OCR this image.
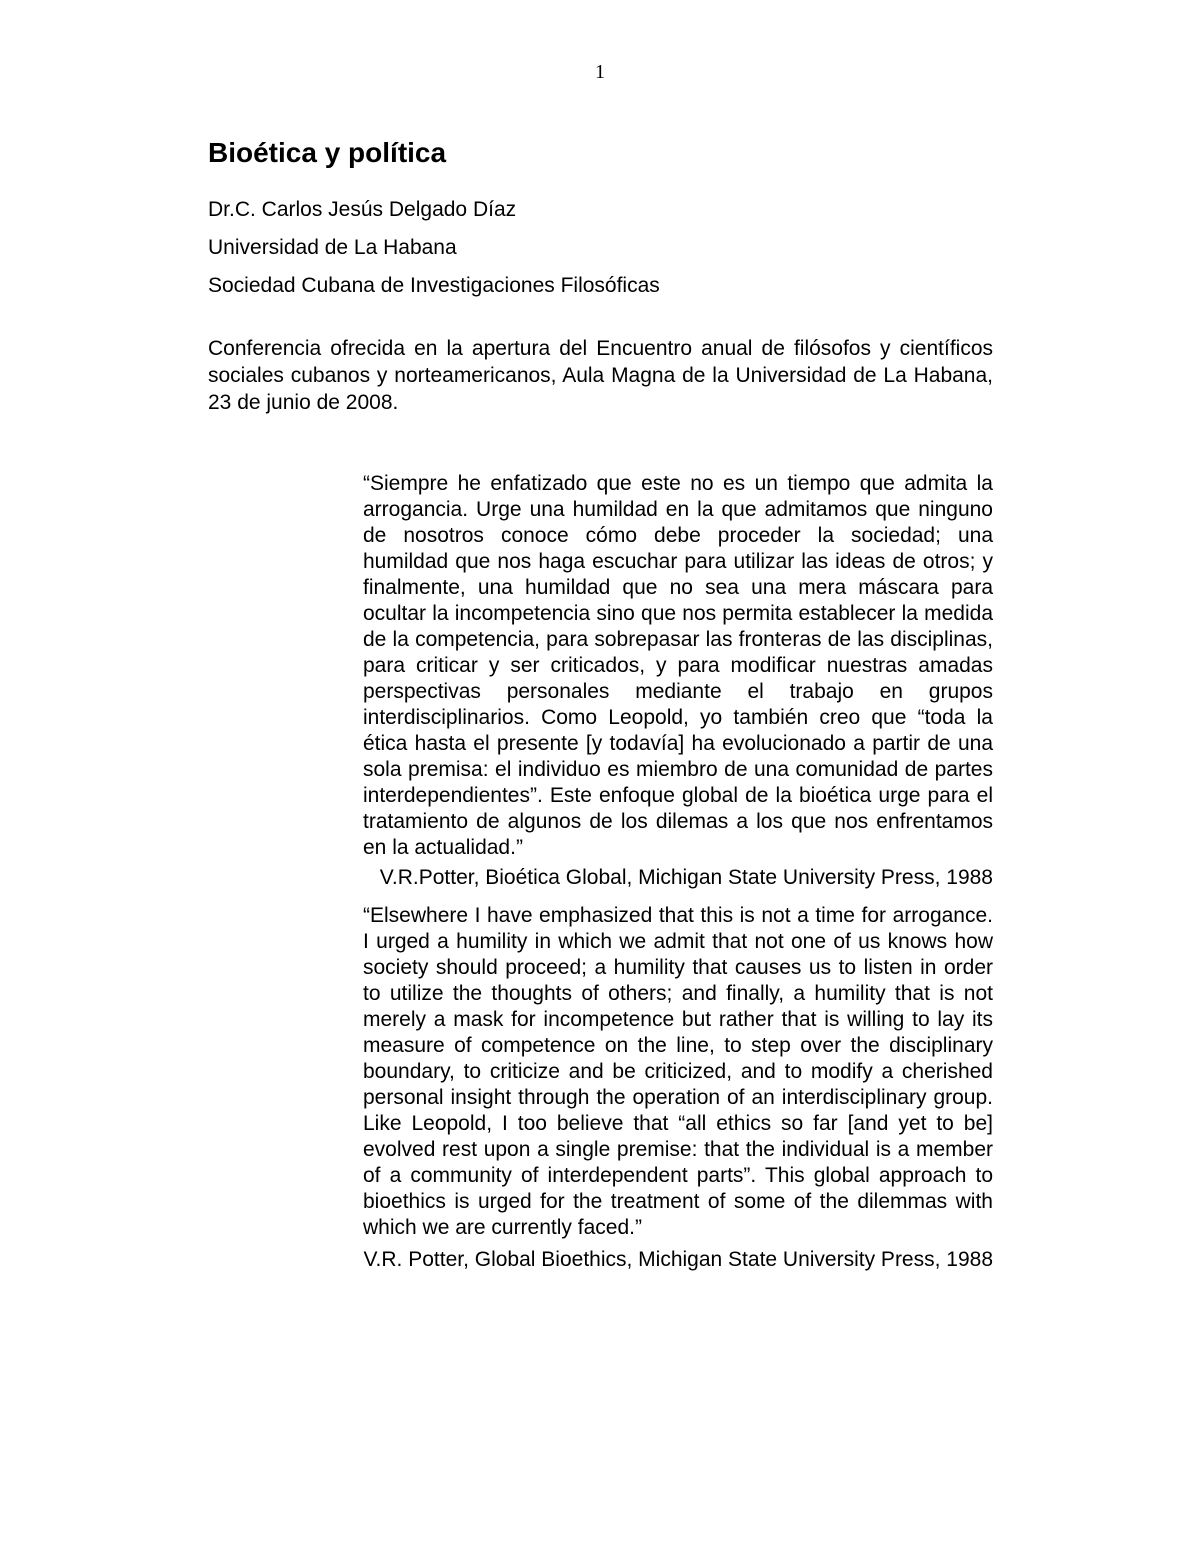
1
Bioética y política

Dr.C. Carlos Jesús Delgado Díaz

Universidad de La Habana

Sociedad Cubana de Investigaciones Filosóficas

Conferencia ofrecida en la apertura del Encuentro anual de filósofos y científicos sociales cubanos y norteamericanos, Aula Magna de la Universidad de La Habana, 23 de junio de 2008.

“Siempre he enfatizado que este no es un tiempo que admita la arrogancia. Urge una humildad en la que admitamos que ninguno de nosotros conoce cómo debe proceder la sociedad; una humildad que nos haga escuchar para utilizar las ideas de otros; y finalmente, una humildad que no sea una mera máscara para ocultar la incompetencia sino que nos permita establecer la medida de la competencia, para sobrepasar las fronteras de las disciplinas, para criticar y ser criticados, y para modificar nuestras amadas perspectivas personales mediante el trabajo en grupos interdisciplinarios. Como Leopold, yo también creo que “toda la ética hasta el presente [y todavía] ha evolucionado a partir de una sola premisa: el individuo es miembro de una comunidad de partes interdependientes”. Este enfoque global de la bioética urge para el tratamiento de algunos de los dilemas a los que nos enfrentamos en la actualidad.”

V.R.Potter, Bioética Global, Michigan State University Press, 1988

“Elsewhere I have emphasized that this is not a time for arrogance. I urged a humility in which we admit that not one of us knows how society should proceed; a humility that causes us to listen in order to utilize the thoughts of others; and finally, a humility that is not merely a mask for incompetence but rather that is willing to lay its measure of competence on the line, to step over the disciplinary boundary, to criticize and be criticized, and to modify a cherished personal insight through the operation of an interdisciplinary group. Like Leopold, I too believe that “all ethics so far [and yet to be] evolved rest upon a single premise: that the individual is a member of a community of interdependent parts”. This global approach to bioethics is urged for the treatment of some of the dilemmas with which we are currently faced.”

V.R. Potter, Global Bioethics, Michigan State University Press, 1988
